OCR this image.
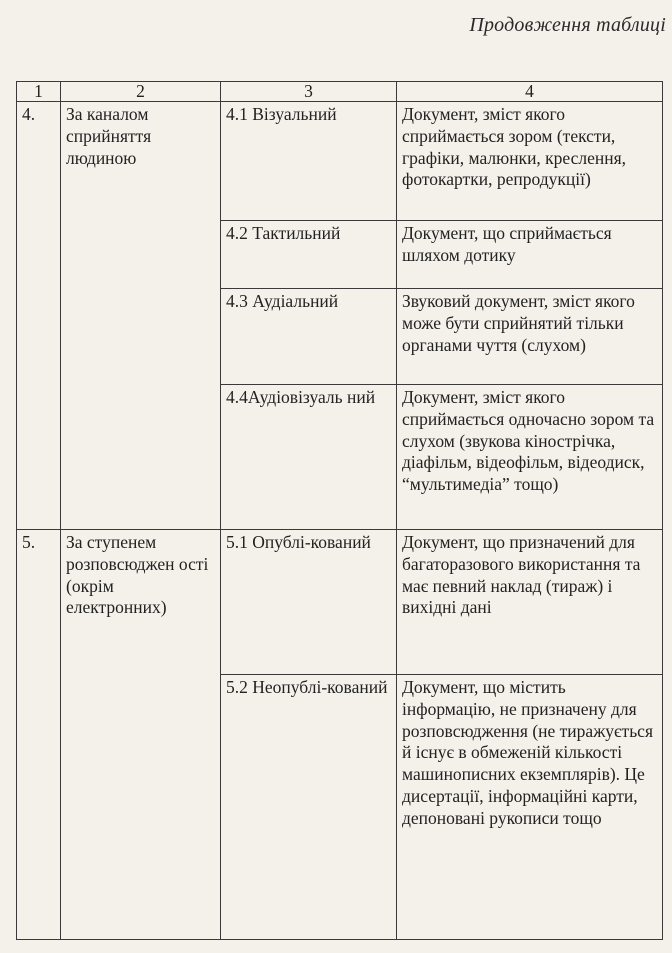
Продовження таблиці
1	2	3	4
4.	За каналом сприйняття людиною	4.1 Візуальний	Документ, зміст якого сприймається зором (тексти, графіки, малюнки, креслення, фотокартки, репродукції)
		4.2 Тактильний	Документ, що сприймається шляхом дотику
		4.3 Аудіальний	Звуковий документ, зміст якого може бути сприйнятий тільки органами чуття (слухом)
		4.4Аудіовізуаль ний	Документ, зміст якого сприймається одночасно зором та слухом (звукова кінострічка, діафільм, відеофільм, відеодиск, “мультимедіа” тощо)
5.	За ступенем розповсюджен ості (окрім електронних)	5.1 Опублі-кований	Документ, що призначений для багаторазового використання та має певний наклад (тираж) і вихідні дані
		5.2 Неопублі-кований	Документ, що містить інформацію, не призначену для розповсюдження (не тиражується й існує в обмеженій кількості машинописних екземплярів). Це дисертації, інформаційні карти, депоновані рукописи тощо
